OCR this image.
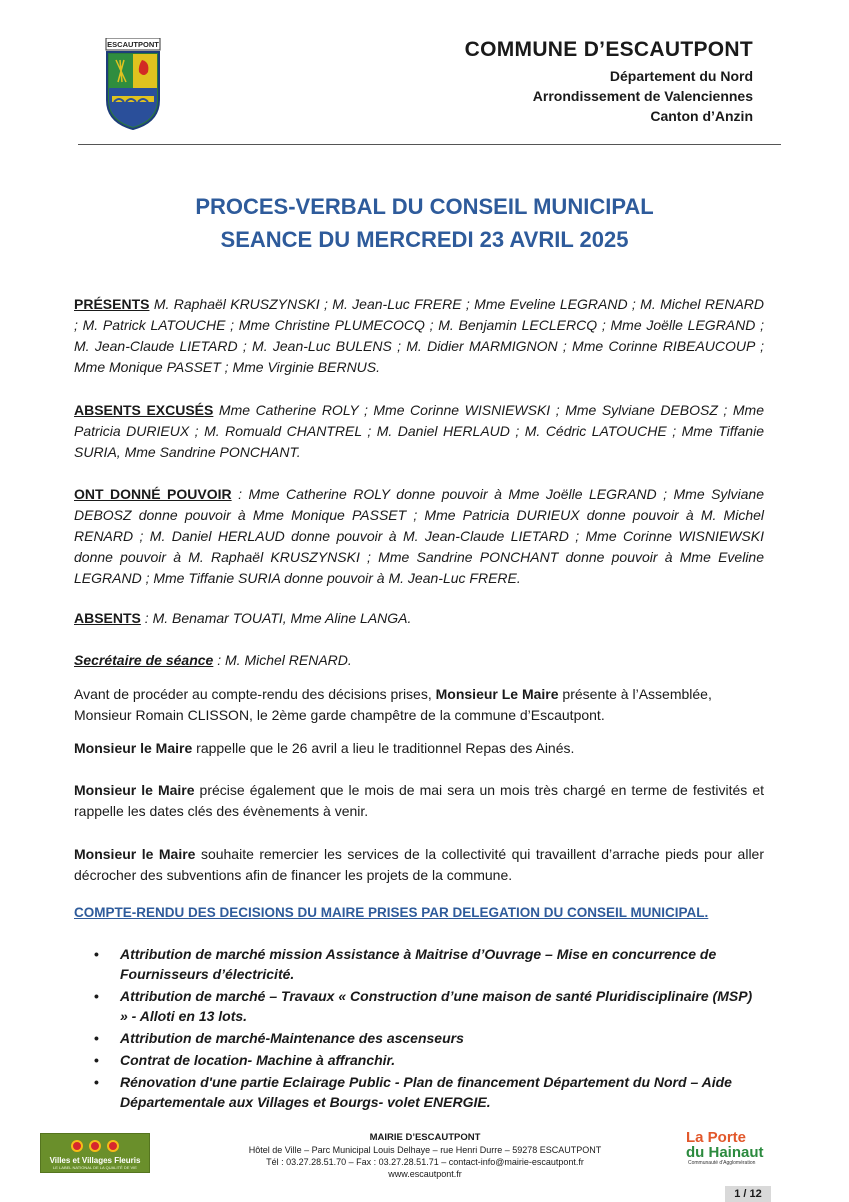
ESCAUTPONT	COMMUNE D’ESCAUTPONT
Département du Nord
Arrondissement de Valenciennes
Canton d’Anzin
PROCES-VERBAL DU CONSEIL MUNICIPAL
SEANCE DU MERCREDI 23 AVRIL 2025
PRÉSENTS M. Raphaël KRUSZYNSKI ; M. Jean-Luc FRERE ; Mme Eveline LEGRAND ; M. Michel RENARD ; M. Patrick LATOUCHE ; Mme Christine PLUMECOCQ ; M. Benjamin LECLERCQ ; Mme Joëlle LEGRAND ; M. Jean-Claude LIETARD ; M. Jean-Luc BULENS ; M. Didier MARMIGNON ; Mme Corinne RIBEAUCOUP ; Mme Monique PASSET ; Mme Virginie BERNUS.
ABSENTS EXCUSÉS Mme Catherine ROLY ; Mme Corinne WISNIEWSKI ; Mme Sylviane DEBOSZ ; Mme Patricia DURIEUX ; M. Romuald CHANTREL ; M. Daniel HERLAUD ; M. Cédric LATOUCHE ; Mme Tiffanie SURIA, Mme Sandrine PONCHANT.
ONT DONNÉ POUVOIR : Mme Catherine ROLY donne pouvoir à Mme Joëlle LEGRAND ; Mme Sylviane DEBOSZ donne pouvoir à Mme Monique PASSET ; Mme Patricia DURIEUX donne pouvoir à M. Michel RENARD ; M. Daniel HERLAUD donne pouvoir à M. Jean-Claude LIETARD ; Mme Corinne WISNIEWSKI donne pouvoir à M. Raphaël KRUSZYNSKI ; Mme Sandrine PONCHANT donne pouvoir à Mme Eveline LEGRAND ; Mme Tiffanie SURIA donne pouvoir à M. Jean-Luc FRERE.
ABSENTS : M. Benamar TOUATI, Mme Aline LANGA.
Secrétaire de séance : M. Michel RENARD.
Avant de procéder au compte-rendu des décisions prises, Monsieur Le Maire présente à l’Assemblée, Monsieur Romain CLISSON, le 2ème garde champêtre de la commune d’Escautpont.
Monsieur le Maire rappelle que le 26 avril a lieu le traditionnel Repas des Ainés.
Monsieur le Maire précise également que le mois de mai sera un mois très chargé en terme de festivités et rappelle les dates clés des évènements à venir.
Monsieur le Maire souhaite remercier les services de la collectivité qui travaillent d’arrache pieds pour aller décrocher des subventions afin de financer les projets de la commune.
COMPTE-RENDU DES DECISIONS DU MAIRE PRISES PAR DELEGATION DU CONSEIL MUNICIPAL.
• Attribution de marché mission Assistance à Maitrise d’Ouvrage – Mise en concurrence de Fournisseurs d’électricité.
• Attribution de marché – Travaux « Construction d’une maison de santé Pluridisciplinaire (MSP) » - Alloti en 13 lots.
• Attribution de marché-Maintenance des ascenseurs
• Contrat de location- Machine à affranchir.
• Rénovation d'une partie Eclairage Public - Plan de financement Département du Nord – Aide Départementale aux Villages et Bourgs- volet ENERGIE.
Villes et Villages Fleuris
LE LABEL NATIONAL DE LA QUALITÉ DE VIE
MAIRIE D’ESCAUTPONT
Hôtel de Ville – Parc Municipal Louis Delhaye – rue Henri Durre – 59278 ESCAUTPONT
Tél : 03.27.28.51.70 – Fax : 03.27.28.51.71 – contact-info@mairie-escautpont.fr
www.escautpont.fr
La Porte
du Hainaut
Communauté d'Agglomération
1 / 12
